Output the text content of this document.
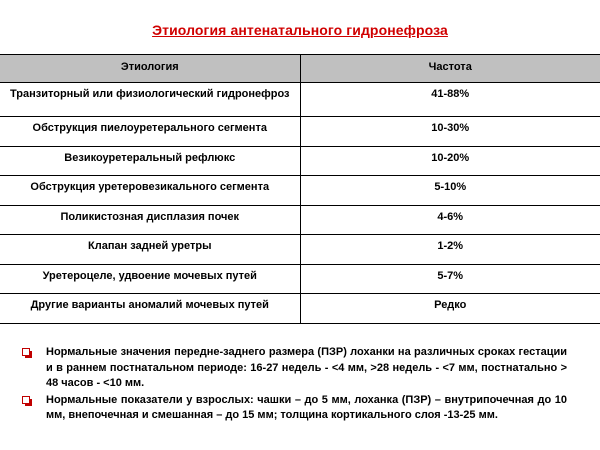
Этиология антенатального гидронефроза
Этиология	Частота
Транзиторный или физиологический гидронефроз	41-88%
Обструкция пиелоуретерального сегмента	10-30%
Везикоуретеральный рефлюкс	10-20%
Обструкция уретеровезикального сегмента	5-10%
Поликистозная дисплазия почек	4-6%
Клапан задней уретры	1-2%
Уретероцеле, удвоение мочевых путей	5-7%
Другие варианты аномалий мочевых путей	Редко
Нормальные значения передне-заднего размера (ПЗР) лоханки на различных сроках гестации и в раннем постнатальном периоде: 16-27 недель - <4 мм, >28 недель - <7 мм, постнатально > 48 часов - <10 мм.
Нормальные показатели у взрослых: чашки – до 5 мм, лоханка (ПЗР) – внутрипочечная до 10 мм, внепочечная и смешанная – до 15 мм; толщина кортикального слоя -13-25 мм.
